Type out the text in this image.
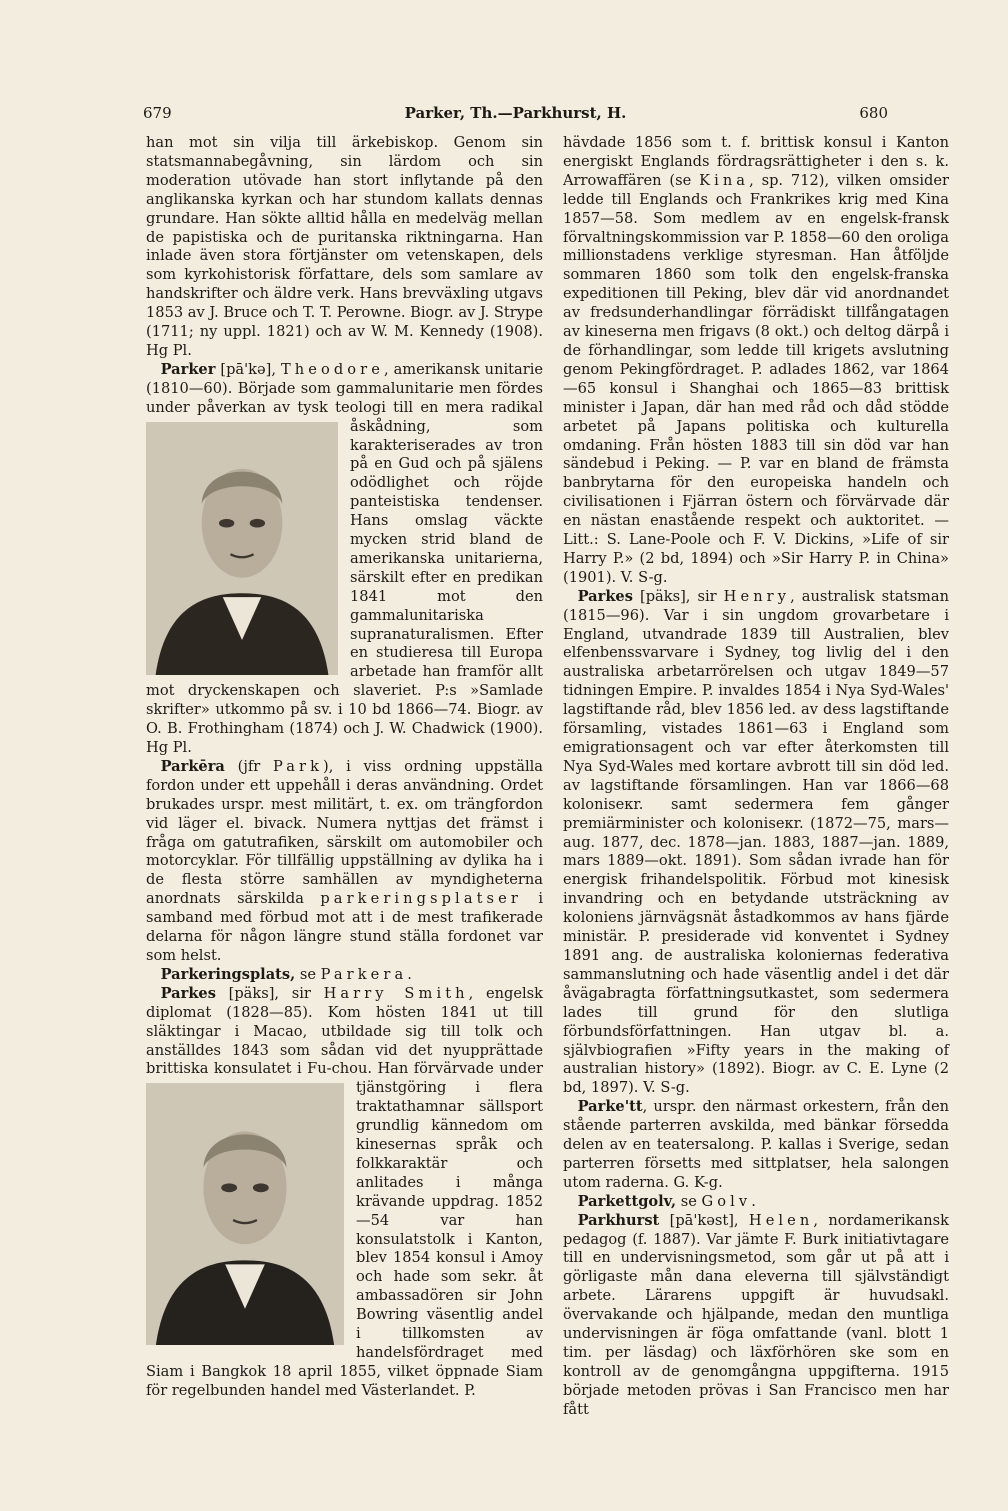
679	Parker, Th.—Parkhurst, H.	680

han mot sin vilja till ärkebiskop. Genom sin statsmannabegåvning, sin lärdom och sin moderation utövade han stort inflytande på den anglikanska kyrkan och har stundom kallats dennas grundare. Han sökte alltid hålla en medelväg mellan de papistiska och de puritanska riktningarna. Han inlade även stora förtjänster om vetenskapen, dels som kyrkohistorisk författare, dels som samlare av handskrifter och äldre verk. Hans brevväxling utgavs 1853 av J. Bruce och T. T. Perowne. Biogr. av J. Strype (1711; ny uppl. 1821) och av W. M. Kennedy (1908). Hg Pl.

Parker [pā'kə], Theodore, amerikansk unitarie (1810—60). Började som gammalunitarie men fördes under påverkan av tysk teologi till en mera radikal
åskådning, som karakteriserades av tron på en Gud och på själens odödlighet och röjde panteistiska tendenser. Hans omslag väckte mycken strid bland de amerikanska unitarierna, särskilt efter en predikan 1841 mot den gammalunitariska supranaturalismen. Efter en studieresa till Europa arbetade han framför allt mot dryckenskapen och slaveriet. P:s »Samlade skrifter» utkommo på sv. i 10 bd 1866—74. Biogr. av O. B. Frothingham (1874) och J. W. Chadwick (1900). Hg Pl.

Parkēra (jfr Park), i viss ordning uppställa fordon under ett uppehåll i deras användning. Ordet brukades urspr. mest militärt, t. ex. om trängfordon vid läger el. bivack. Numera nyttjas det främst i fråga om gatutrafiken, särskilt om automobiler och motorcyklar. För tillfällig uppställning av dylika ha i de flesta större samhällen av myndigheterna anordnats särskilda parkeringsplatser i samband med förbud mot att i de mest trafikerade delarna för någon längre stund ställa fordonet var som helst.

Parkeringsplats, se Parkera.

Parkes [päks], sir Harry Smith, engelsk diplomat (1828—85). Kom hösten 1841 ut till släktingar i Macao, utbildade sig till tolk och anställdes 1843 som sådan vid det nyupprättade brittiska konsulatet i Fu-chou. Han förvärvade
under tjänstgöring i flera traktathamnar sällsport grundlig kännedom om kinesernas språk och folkkaraktär och anlitades i många krävande uppdrag. 1852—54 var han konsulatstolk i Kanton, blev 1854 konsul i Amoy och hade som sekr. åt ambassadören sir John Bowring väsentlig andel i tillkomsten av handelsfördraget med Siam i Bangkok 18 april 1855, vilket öppnade Siam för regelbunden handel med Västerlandet. P.

hävdade 1856 som t. f. brittisk konsul i Kanton energiskt Englands fördragsrättigheter i den s. k. Arrowaffären (se Kina, sp. 712), vilken omsider ledde till Englands och Frankrikes krig med Kina 1857—58. Som medlem av en engelsk-fransk förvaltningskommission var P. 1858—60 den oroliga millionstadens verklige styresman. Han åtföljde sommaren 1860 som tolk den engelsk-franska expeditionen till Peking, blev där vid anordnandet av fredsunderhandlingar förrädiskt tillfångatagen av kineserna men frigavs (8 okt.) och deltog därpå i de förhandlingar, som ledde till krigets avslutning genom Pekingfördraget. P. adlades 1862, var 1864—65 konsul i Shanghai och 1865—83 brittisk minister i Japan, där han med råd och dåd stödde arbetet på Japans politiska och kulturella omdaning. Från hösten 1883 till sin död var han sändebud i Peking. — P. var en bland de främsta banbrytarna för den europeiska handeln och civilisationen i Fjärran östern och förvärvade där en nästan enastående respekt och auktoritet. — Litt.: S. Lane-Poole och F. V. Dickins, »Life of sir Harry P.» (2 bd, 1894) och »Sir Harry P. in China» (1901). V. S-g.

Parkes [päks], sir Henry, australisk statsman (1815—96). Var i sin ungdom grovarbetare i England, utvandrade 1839 till Australien, blev elfenbenssvarvare i Sydney, tog livlig del i den australiska arbetarrörelsen och utgav 1849—57 tidningen Empire. P. invaldes 1854 i Nya Syd-Wales' lagstiftande råd, blev 1856 led. av dess lagstiftande församling, vistades 1861—63 i England som emigrationsagent och var efter återkomsten till Nya Syd-Wales med kortare avbrott till sin död led. av lagstiftande församlingen. Han var 1866—68 koloniseкr. samt sedermera fem gånger premiärminister och koloniseкr. (1872—75, mars—aug. 1877, dec. 1878—jan. 1883, 1887—jan. 1889, mars 1889—okt. 1891). Som sådan ivrade han för energisk frihandelspolitik. Förbud mot kinesisk invandring och en betydande utsträckning av koloniens järnvägsnät åstadkommos av hans fjärde ministär. P. presiderade vid konventet i Sydney 1891 ang. de australiska koloniernas federativa sammanslutning och hade väsentlig andel i det där åvägabragta författningsutkastet, som sedermera lades till grund för den slutliga förbundsförfattningen. Han utgav bl. a. självbiografien »Fifty years in the making of australian history» (1892). Biogr. av C. E. Lyne (2 bd, 1897). V. S-g.

Parke'tt, urspr. den närmast orkestern, från den stående parterren avskilda, med bänkar försedda delen av en teatersalong. P. kallas i Sverige, sedan parterren försetts med sittplatser, hela salongen utom raderna. G. K-g.

Parkettgolv, se Golv.

Parkhurst [pā'kəst], Helen, nordamerikansk pedagog (f. 1887). Var jämte F. Burk initiativtagare till en undervisningsmetod, som går ut på att i görligaste mån dana eleverna till självständigt arbete. Lärarens uppgift är huvudsakl. övervakande och hjälpande, medan den muntliga undervisningen är föga omfattande (vanl. blott 1 tim. per läsdag) och läxförhören ske som en kontroll av de genomgångna uppgifterna. 1915 började metoden prövas i San Francisco men har fått
